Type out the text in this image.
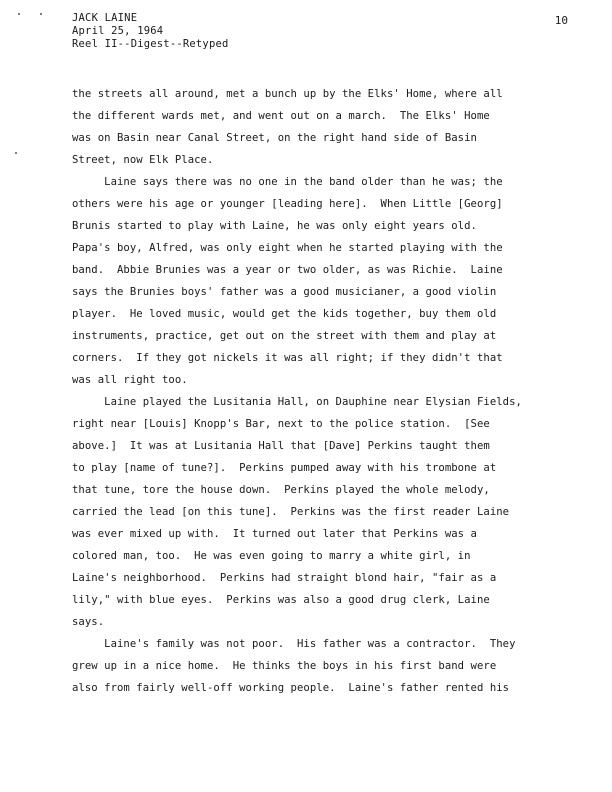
JACK LAINE
April 25, 1964
Reel II--Digest--Retyped
10
the streets all around, met a bunch up by the Elks' Home, where all
the different wards met, and went out on a march.  The Elks' Home
was on Basin near Canal Street, on the right hand side of Basin
Street, now Elk Place.
Laine says there was no one in the band older than he was; the
others were his age or younger [leading here].  When Little [Georg]
Brunis started to play with Laine, he was only eight years old.
Papa's boy, Alfred, was only eight when he started playing with the
band.  Abbie Brunies was a year or two older, as was Richie.  Laine
says the Brunies boys' father was a good musicianer, a good violin
player.  He loved music, would get the kids together, buy them old
instruments, practice, get out on the street with them and play at
corners.  If they got nickels it was all right; if they didn't that
was all right too.
Laine played the Lusitania Hall, on Dauphine near Elysian Fields,
right near [Louis] Knopp's Bar, next to the police station.  [See
above.]  It was at Lusitania Hall that [Dave] Perkins taught them
to play [name of tune?].  Perkins pumped away with his trombone at
that tune, tore the house down.  Perkins played the whole melody,
carried the lead [on this tune].  Perkins was the first reader Laine
was ever mixed up with.  It turned out later that Perkins was a
colored man, too.  He was even going to marry a white girl, in
Laine's neighborhood.  Perkins had straight blond hair, "fair as a
lily," with blue eyes.  Perkins was also a good drug clerk, Laine
says.
Laine's family was not poor.  His father was a contractor.  They
grew up in a nice home.  He thinks the boys in his first band were
also from fairly well-off working people.  Laine's father rented his
